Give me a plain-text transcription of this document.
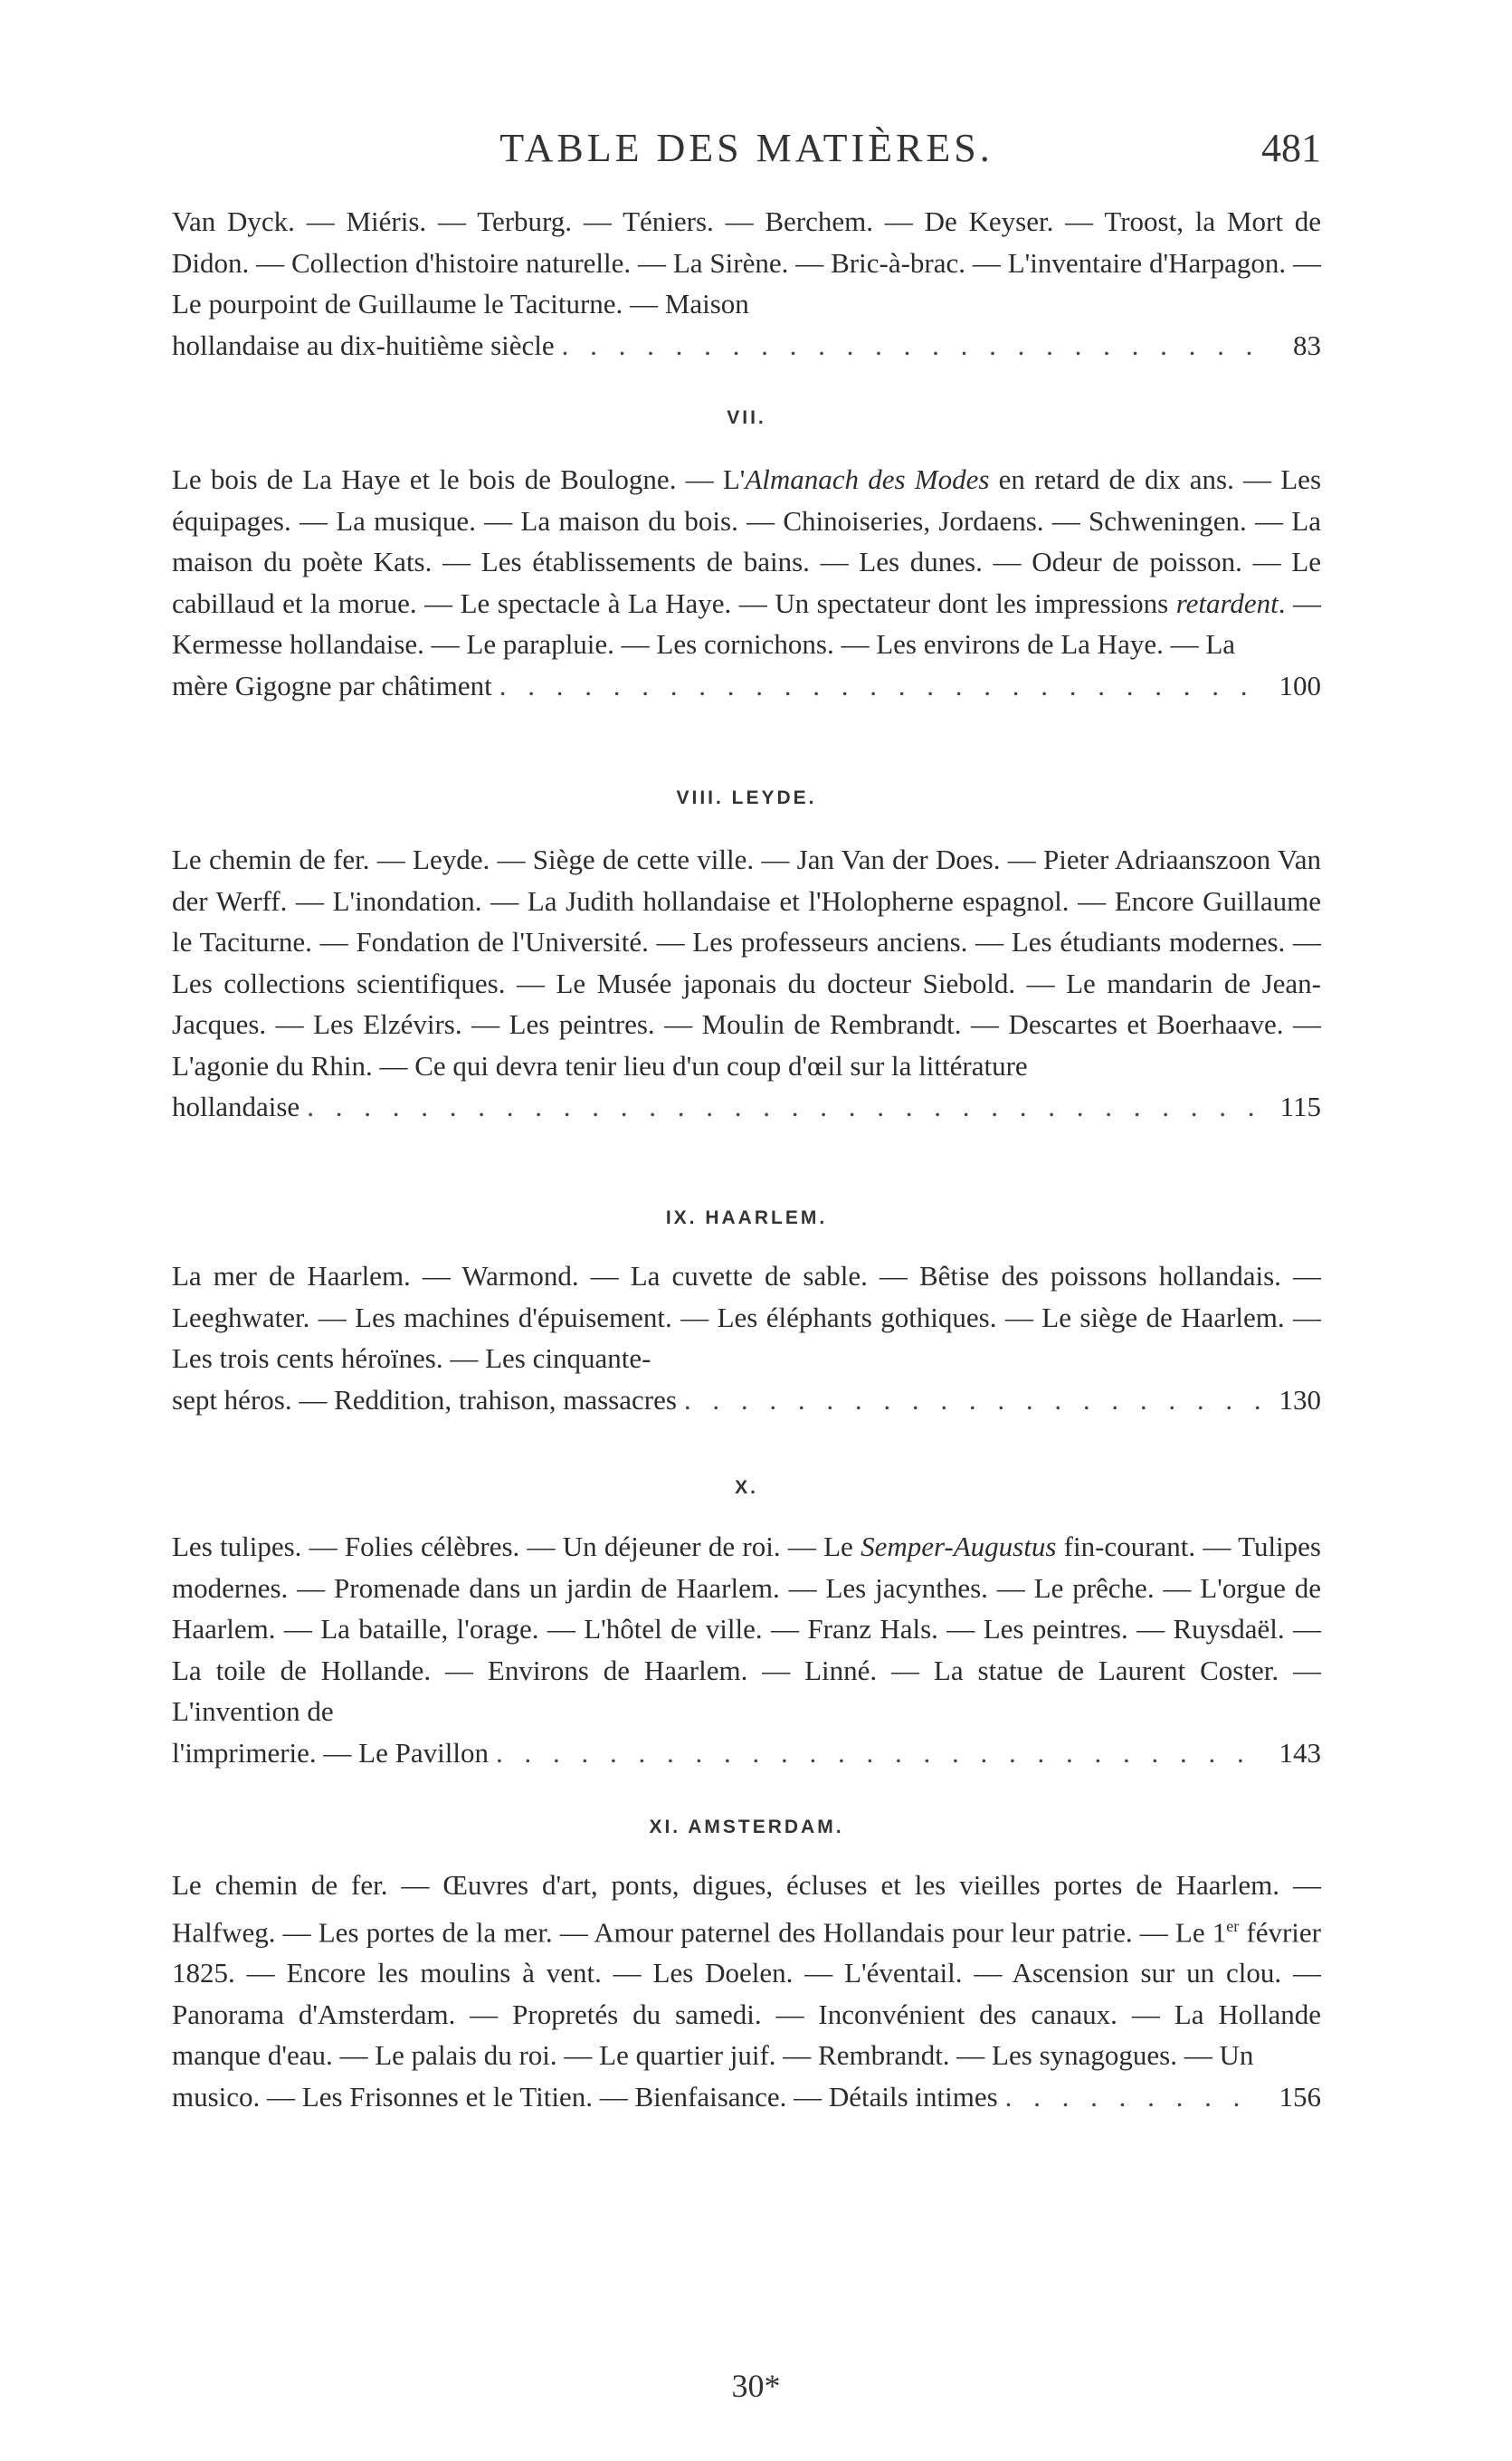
TABLE DES MATIÈRES.	481

Van Dyck. — Miéris. — Terburg. — Téniers. — Berchem. — De Keyser. — Troost, la Mort de Didon. — Collection d'histoire naturelle. — La Sirène. — Bric-à-brac. — L'inventaire d'Harpagon. — Le pourpoint de Guillaume le Taciturne. — Maison

hollandaise au dix-huitième siècle . . .	83
VII.

Le bois de La Haye et le bois de Boulogne. — L'Almanach des Modes en retard de dix ans. — Les équipages. — La musique. — La maison du bois. — Chinoiseries, Jordaens. — Schweningen. — La maison du poète Kats. — Les établissements de bains. — Les dunes. — Odeur de poisson. — Le cabillaud et la morue. — Le spectacle à La Haye. — Un spectateur dont les impressions retardent. — Kermesse hollandaise. — Le parapluie. — Les cornichons. — Les environs de La Haye. — La

mère Gigogne par châtiment . . .	100
VIII. LEYDE.

Le chemin de fer. — Leyde. — Siège de cette ville. — Jan Van der Does. — Pieter Adriaanszoon Van der Werff. — L'inondation. — La Judith hollandaise et l'Holopherne espagnol. — Encore Guillaume le Taciturne. — Fondation de l'Université. — Les professeurs anciens. — Les étudiants modernes. — Les collections scientifiques. — Le Musée japonais du docteur Siebold. — Le mandarin de Jean-Jacques. — Les Elzévirs. — Les peintres. — Moulin de Rembrandt. — Descartes et Boerhaave. — L'agonie du Rhin. — Ce qui devra tenir lieu d'un coup d'œil sur la littérature

hollandaise . . .	115
IX. HAARLEM.

La mer de Haarlem. — Warmond. — La cuvette de sable. — Bêtise des poissons hollandais. — Leeghwater. — Les machines d'épuisement. — Les éléphants gothiques. — Le siège de Haarlem. — Les trois cents héroïnes. — Les cinquante-

sept héros. — Reddition, trahison, massacres . . .	130
X.

Les tulipes. — Folies célèbres. — Un déjeuner de roi. — Le Semper-Augustus fin-courant. — Tulipes modernes. — Promenade dans un jardin de Haarlem. — Les jacynthes. — Le prêche. — L'orgue de Haarlem. — La bataille, l'orage. — L'hôtel de ville. — Franz Hals. — Les peintres. — Ruysdaël. — La toile de Hollande. — Environs de Haarlem. — Linné. — La statue de Laurent Coster. — L'invention de

l'imprimerie. — Le Pavillon . . .	143
XI. AMSTERDAM.

Le chemin de fer. — Œuvres d'art, ponts, digues, écluses et les vieilles portes de Haarlem. — Halfweg. — Les portes de la mer. — Amour paternel des Hollandais pour leur patrie. — Le 1er février 1825. — Encore les moulins à vent. — Les Doelen. — L'éventail. — Ascension sur un clou. — Panorama d'Amsterdam. — Propretés du samedi. — Inconvénient des canaux. — La Hollande manque d'eau. — Le palais du roi. — Le quartier juif. — Rembrandt. — Les synagogues. — Un

musico. — Les Frisonnes et le Titien. — Bienfaisance. — Détails intimes . . .	156
30*
